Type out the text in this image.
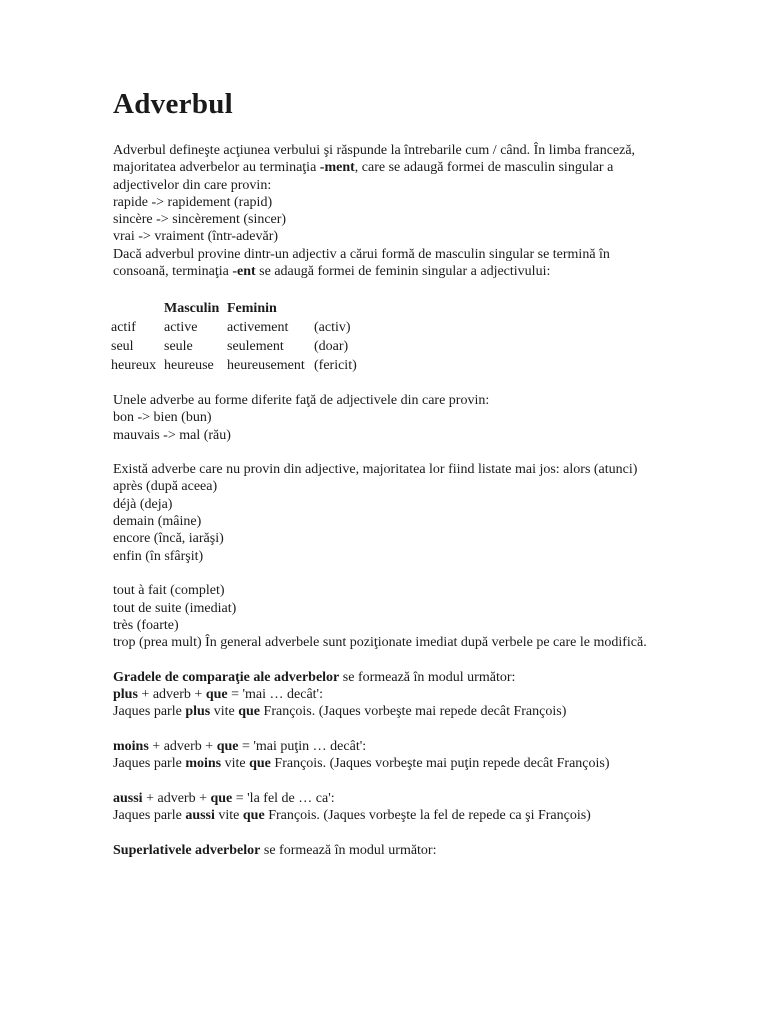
Adverbul

Adverbul defineşte acţiunea verbului şi răspunde la întrebarile cum / când. În limba franceză, majoritatea adverbelor au terminaţia -ment, care se adaugă formei de masculin singular a adjectivelor din care provin:

rapide -> rapidement (rapid)

sincère -> sincèrement (sincer)

vrai -> vraiment (într-adevăr)

Dacă adverbul provine dintr-un adjectiv a cărui formă de masculin singular se termină în consoană, terminaţia -ent se adaugă formei de feminin singular a adjectivului:

	Masculin	Feminin	
actif	active	activement	(activ)
seul	seule	seulement	(doar)
heureux	heureuse	heureusement	(fericit)

Unele adverbe au forme diferite faţă de adjectivele din care provin:

bon -> bien (bun)

mauvais -> mal (rău)

Există adverbe care nu provin din adjective, majoritatea lor fiind listate mai jos: alors (atunci)

après (după aceea)

déjà (deja)

demain (mâine)

encore (încă, iarăşi)

enfin (în sfârşit)

tout à fait (complet)

tout de suite (imediat)

très (foarte)

trop (prea mult) În general adverbele sunt poziţionate imediat după verbele pe care le modifică.

Gradele de comparaţie ale adverbelor se formează în modul următor:

plus + adverb + que = 'mai … decât':

Jaques parle plus vite que François. (Jaques vorbeşte mai repede decât François)

moins + adverb + que = 'mai puţin … decât':

Jaques parle moins vite que François. (Jaques vorbeşte mai puţin repede decât François)

aussi + adverb + que = 'la fel de … ca':

Jaques parle aussi vite que François. (Jaques vorbeşte la fel de repede ca şi François)

Superlativele adverbelor se formează în modul următor:
